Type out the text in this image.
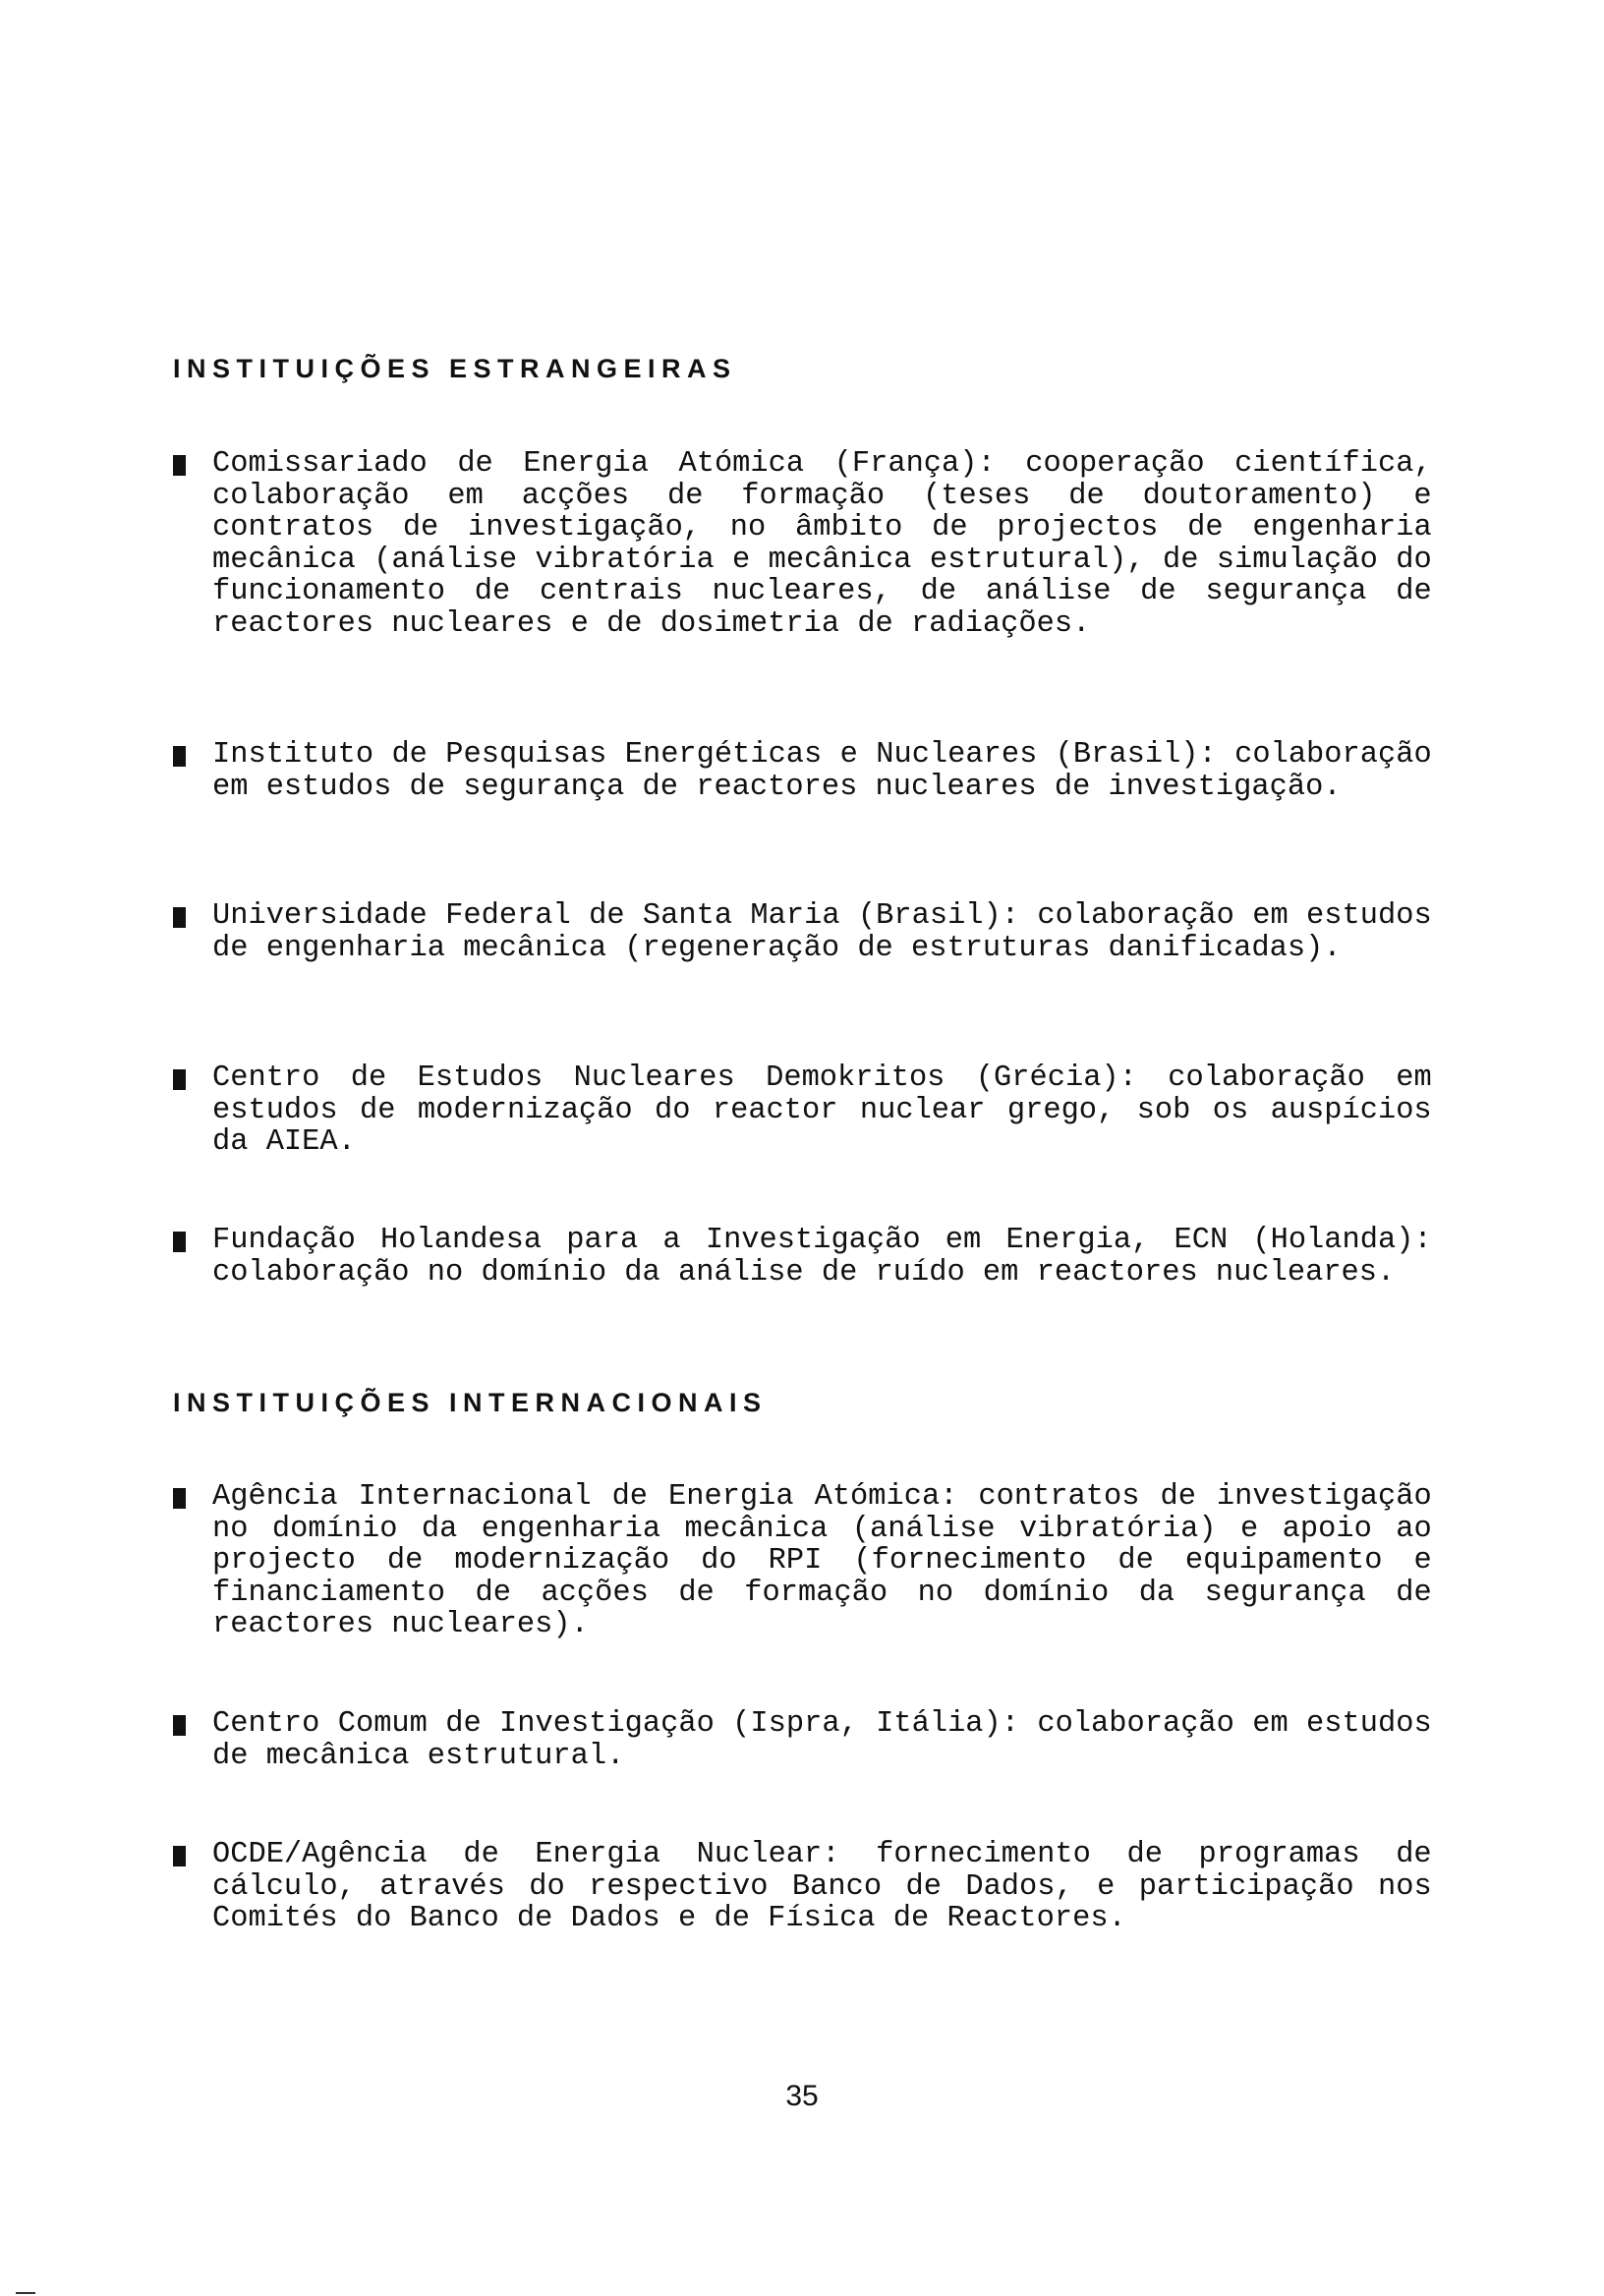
INSTITUIÇÕES ESTRANGEIRAS
Comissariado de Energia Atómica (França): cooperação científica, colaboração em acções de formação (teses de doutoramento) e contratos de investigação, no âmbito de projectos de engenharia mecânica (análise vibratória e mecânica estrutural), de simulação do funcionamento de centrais nucleares, de análise de segurança de reactores nucleares e de dosimetria de radiações.
Instituto de Pesquisas Energéticas e Nucleares (Brasil): colaboração em estudos de segurança de reactores nucleares de investigação.
Universidade Federal de Santa Maria (Brasil): colaboração em estudos de engenharia mecânica (regeneração de estruturas danificadas).
Centro de Estudos Nucleares Demokritos (Grécia): colaboração em estudos de modernização do reactor nuclear grego, sob os auspícios da AIEA.
Fundação Holandesa para a Investigação em Energia, ECN (Holanda): colaboração no domínio da análise de ruído em reactores nucleares.
INSTITUIÇÕES INTERNACIONAIS
Agência Internacional de Energia Atómica: contratos de investigação no domínio da engenharia mecânica (análise vibratória) e apoio ao projecto de modernização do RPI (fornecimento de equipamento e financiamento de acções de formação no domínio da segurança de reactores nucleares).
Centro Comum de Investigação (Ispra, Itália): colaboração em estudos de mecânica estrutural.
OCDE/Agência de Energia Nuclear: fornecimento de programas de cálculo, através do respectivo Banco de Dados, e participação nos Comités do Banco de Dados e de Física de Reactores.
35
